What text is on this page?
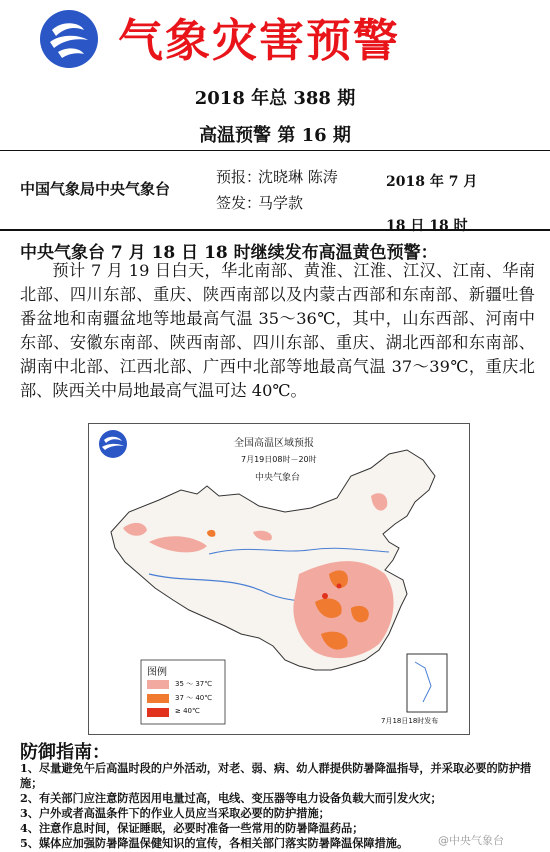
气象灾害预警
2018 年总 388 期
高温预警 第 16 期
中国气象局中央气象台
预报：
沈晓琳 陈涛
签发：
马学款
2018 年 7 月 18 日 18 时
中央气象台 7 月 18 日 18 时继续发布高温黄色预警：
预计 7 月 19 日白天，华北南部、黄淮、江淮、江汉、江南、华南北部、四川东部、重庆、陕西南部以及内蒙古西部和东南部、新疆吐鲁番盆地和南疆盆地等地最高气温 35～36℃，其中，山东西部、河南中东部、安徽东南部、陕西南部、四川东部、重庆、湖北西部和东南部、湖南中北部、江西北部、广西中北部等地最高气温 37～39℃，重庆北部、陕西关中局地最高气温可达 40℃。
全国高温区域预报
7月19日08时－20时
中央气象台
图例
35 ～ 37℃
37 ～ 40℃
≥ 40℃
7月18日18时发布
防御指南：

1、尽量避免午后高温时段的户外活动，对老、弱、病、幼人群提供防暑降温指导，并采取必要的防护措施；

2、有关部门应注意防范因用电量过高，电线、变压器等电力设备负载大而引发火灾；

3、户外或者高温条件下的作业人员应当采取必要的防护措施；

4、注意作息时间，保证睡眠，必要时准备一些常用的防暑降温药品；

5、媒体应加强防暑降温保健知识的宣传，各相关部门落实防暑降温保障措施。	@中央气象台
